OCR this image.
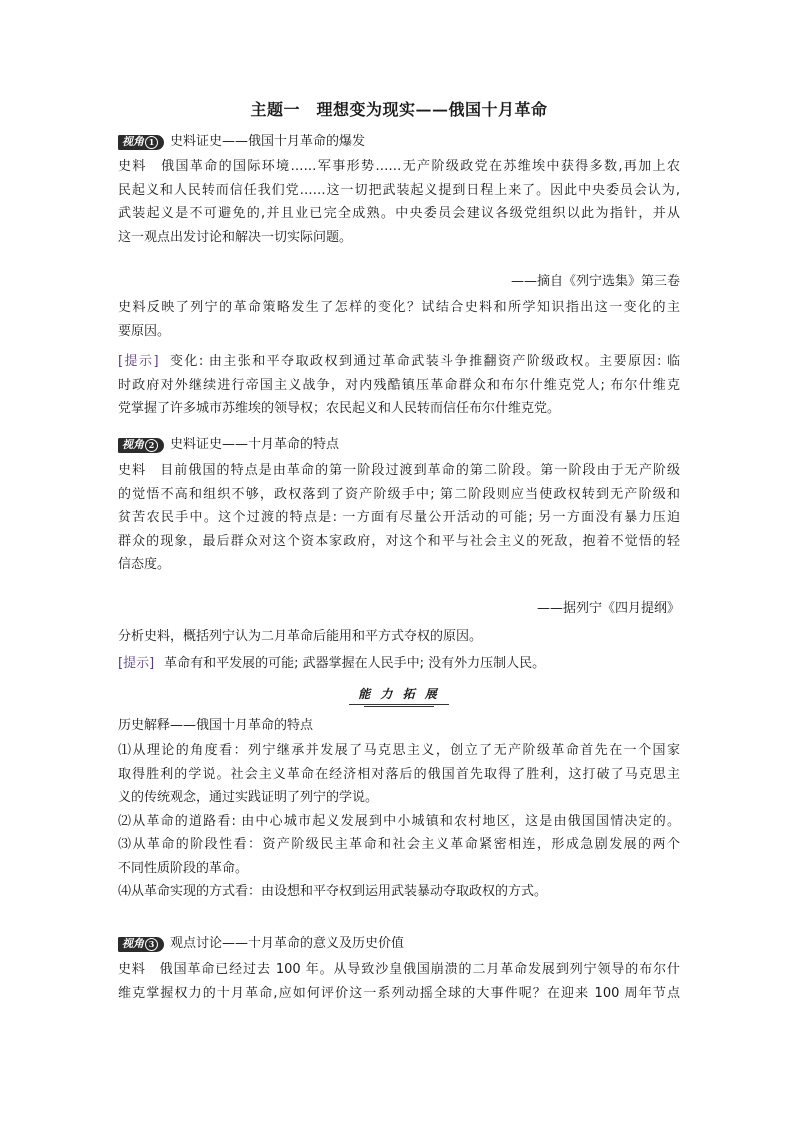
主题一　理想变为现实——俄国十月革命
视角 1 史料证史——俄国十月革命的爆发
史料　俄国革命的国际环境……军事形势……无产阶级政党在苏维埃中获得多数,再加上农
民起义和人民转而信任我们党……这一切把武装起义提到日程上来了。因此中央委员会认为,
武装起义是不可避免的,并且业已完全成熟。中央委员会建议各级党组织以此为指针，并从
这一观点出发讨论和解决一切实际问题。
——摘自《列宁选集》第三卷
史料反映了列宁的革命策略发生了怎样的变化？试结合史料和所学知识指出这一变化的主
要原因。
[提示] 变化: 由主张和平夺取政权到通过革命武装斗争推翻资产阶级政权。主要原因: 临
时政府对外继续进行帝国主义战争，对内残酷镇压革命群众和布尔什维克党人; 布尔什维克
党掌握了许多城市苏维埃的领导权；农民起义和人民转而信任布尔什维克党。
视角 2 史料证史——十月革命的特点
史料　目前俄国的特点是由革命的第一阶段过渡到革命的第二阶段。第一阶段由于无产阶级
的觉悟不高和组织不够，政权落到了资产阶级手中; 第二阶段则应当使政权转到无产阶级和
贫苦农民手中。这个过渡的特点是: 一方面有尽量公开活动的可能; 另一方面没有暴力压迫
群众的现象，最后群众对这个资本家政府，对这个和平与社会主义的死敌，抱着不觉悟的轻
信态度。
——据列宁《四月提纲》
分析史料，概括列宁认为二月革命后能用和平方式夺权的原因。
[提示] 革命有和平发展的可能; 武器掌握在人民手中; 没有外力压制人民。
能 力 拓 展
历史解释——俄国十月革命的特点
⑴从理论的角度看：列宁继承并发展了马克思主义，创立了无产阶级革命首先在一个国家
取得胜利的学说。社会主义革命在经济相对落后的俄国首先取得了胜利，这打破了马克思主
义的传统观念，通过实践证明了列宁的学说。
⑵从革命的道路看: 由中心城市起义发展到中小城镇和农村地区，这是由俄国国情决定的。
⑶从革命的阶段性看：资产阶级民主革命和社会主义革命紧密相连，形成急剧发展的两个
不同性质阶段的革命。
⑷从革命实现的方式看：由设想和平夺权到运用武装暴动夺取政权的方式。
视角 3 观点讨论——十月革命的意义及历史价值
史料　俄国革命已经过去 100 年。从导致沙皇俄国崩溃的二月革命发展到列宁领导的布尔什
维克掌握权力的十月革命,应如何评价这一系列动摇全球的大事件呢？在迎来 100 周年节点
